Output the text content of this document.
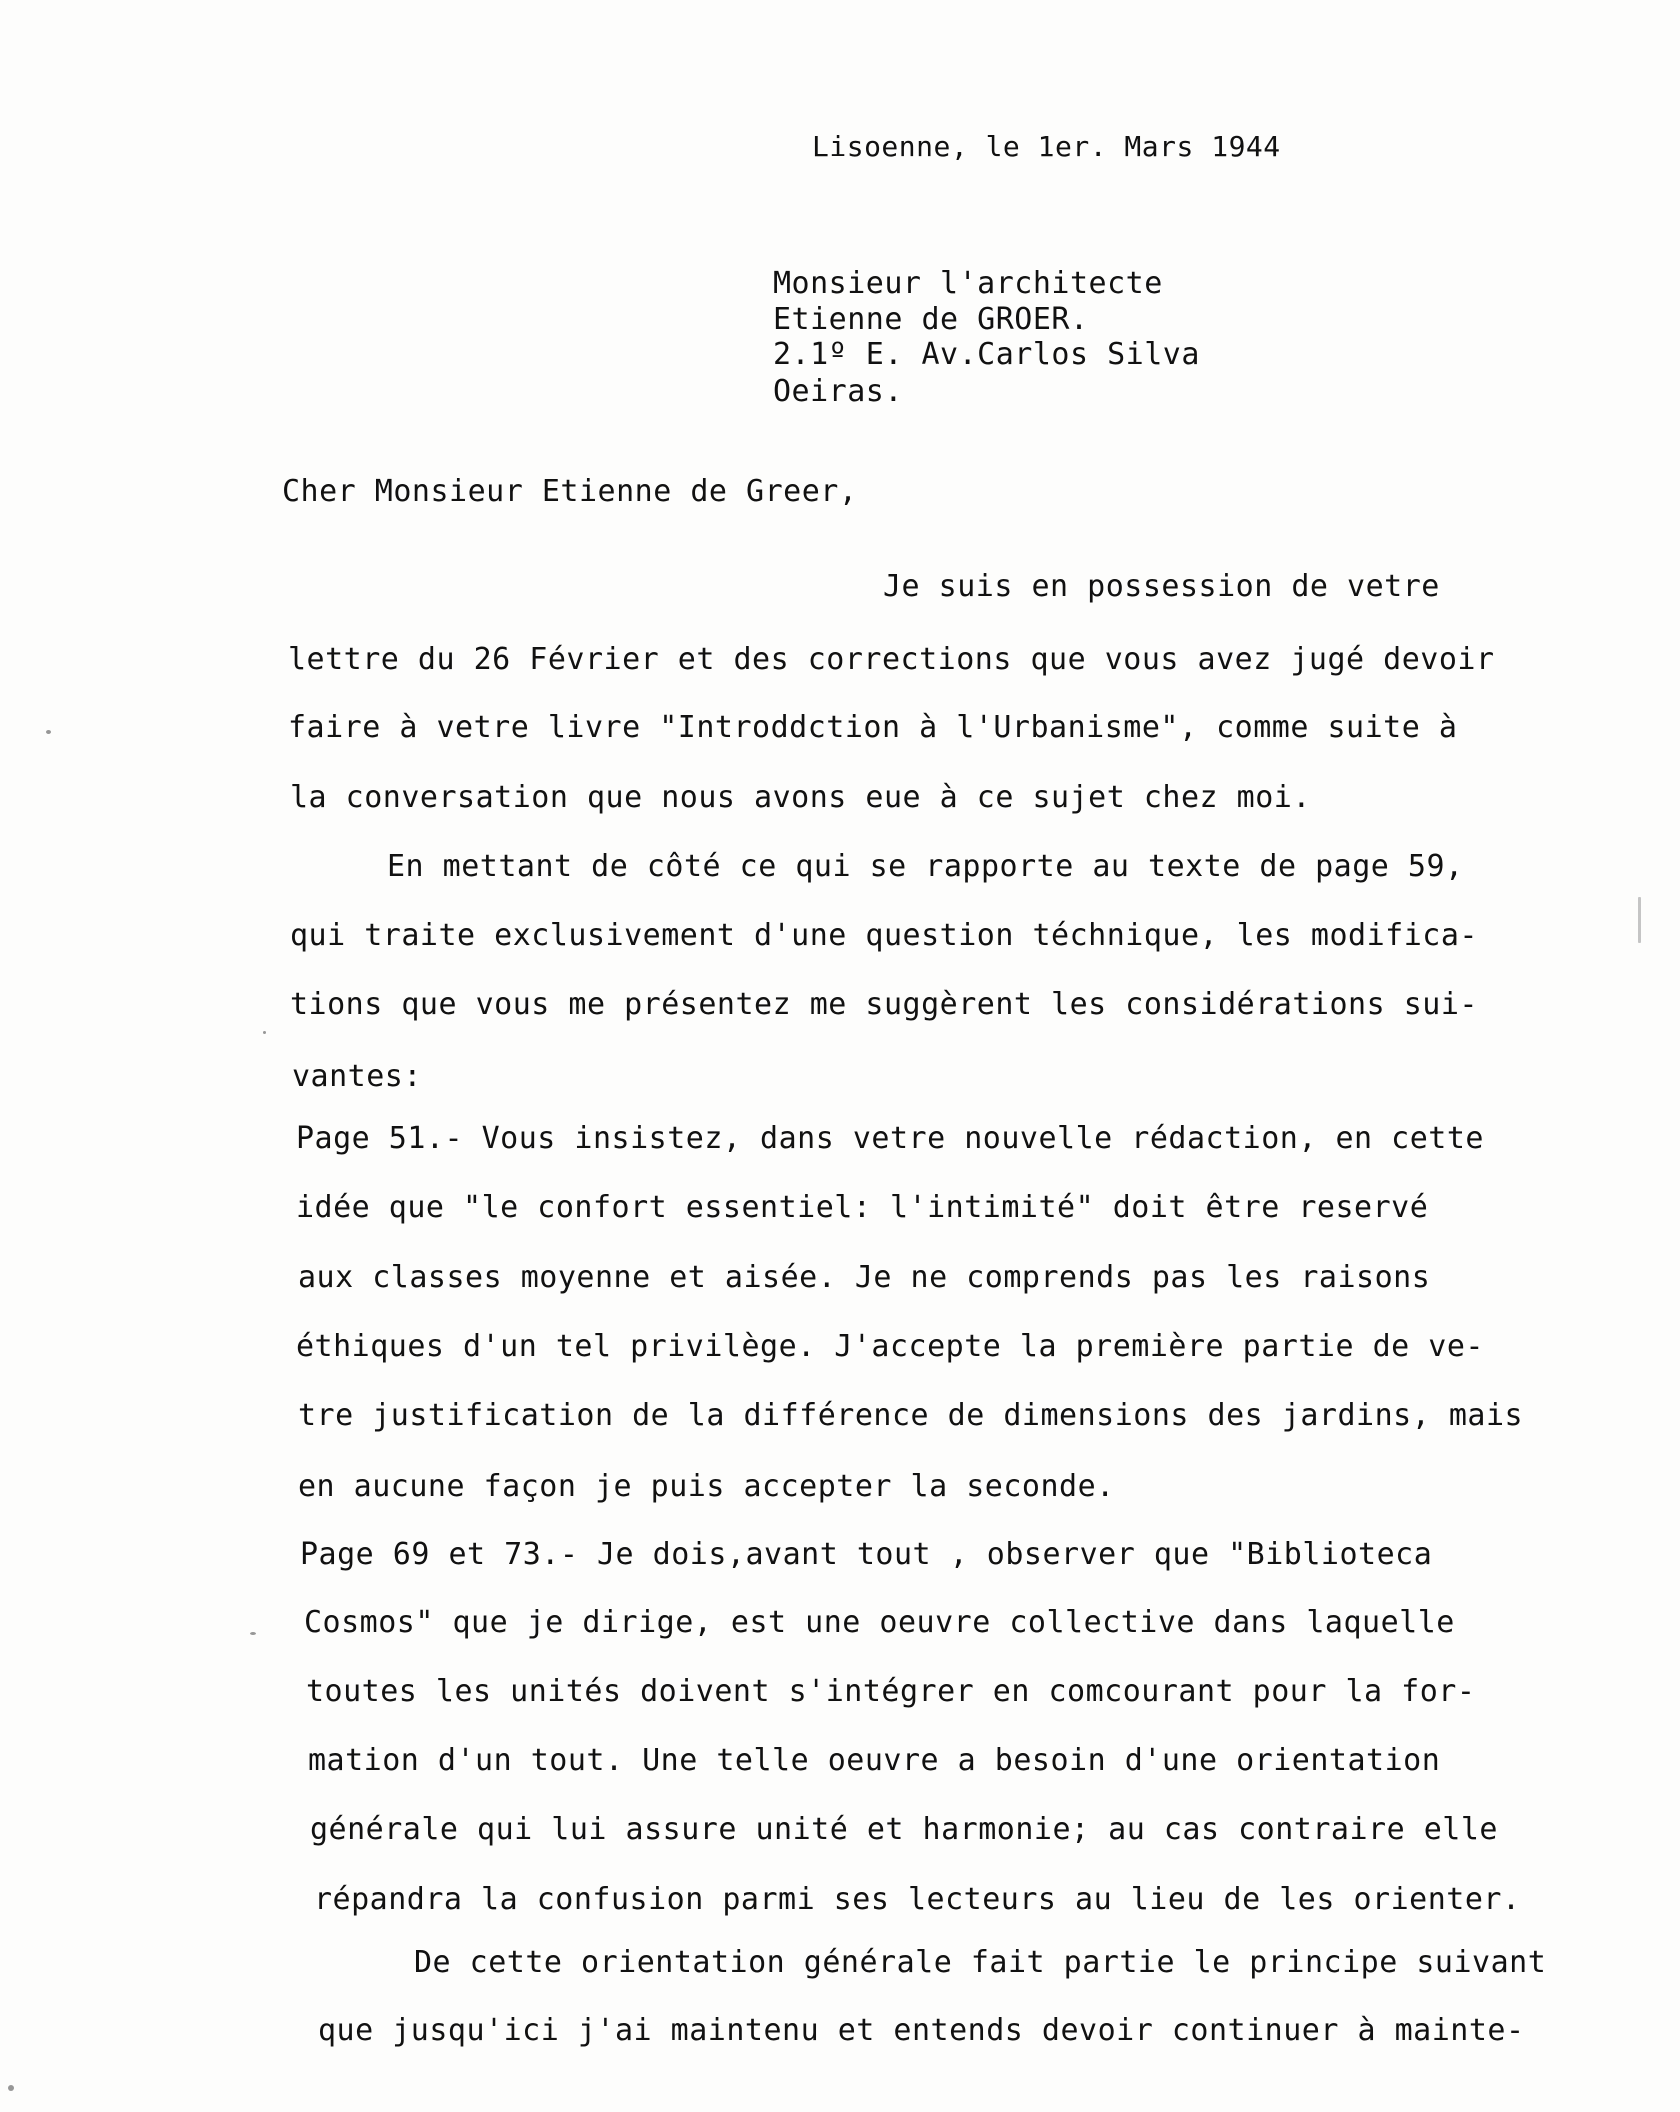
Lisoenne, le 1er. Mars 1944
Monsieur l'architecte
Etienne de GROER.
2.1º E. Av.Carlos Silva
Oeiras.
Cher Monsieur Etienne de Greer,
Je suis en possession de vetre
lettre du 26 Février et des corrections que vous avez jugé devoir
faire à vetre livre "Introddction à l'Urbanisme", comme suite à
la conversation que nous avons eue à ce sujet chez moi.
En mettant de côté ce qui se rapporte au texte de page 59,
qui traite exclusivement d'une question téchnique, les modifica-
tions que vous me présentez me suggèrent les considérations sui-
vantes:
Page 51.- Vous insistez, dans vetre nouvelle rédaction, en cette
idée que "le confort essentiel: l'intimité" doit être reservé
aux classes moyenne et aisée. Je ne comprends pas les raisons
éthiques d'un tel privilège. J'accepte la première partie de ve-
tre justification de la différence de dimensions des jardins, mais
en aucune façon je puis accepter la seconde.
Page 69 et 73.- Je dois,avant tout , observer que "Biblioteca
Cosmos" que je dirige, est une oeuvre collective dans laquelle
toutes les unités doivent s'intégrer en comcourant pour la for-
mation d'un tout. Une telle oeuvre a besoin d'une orientation
générale qui lui assure unité et harmonie; au cas contraire elle
répandra la confusion parmi ses lecteurs au lieu de les orienter.
De cette orientation générale fait partie le principe suivant
que jusqu'ici j'ai maintenu et entends devoir continuer à mainte-
